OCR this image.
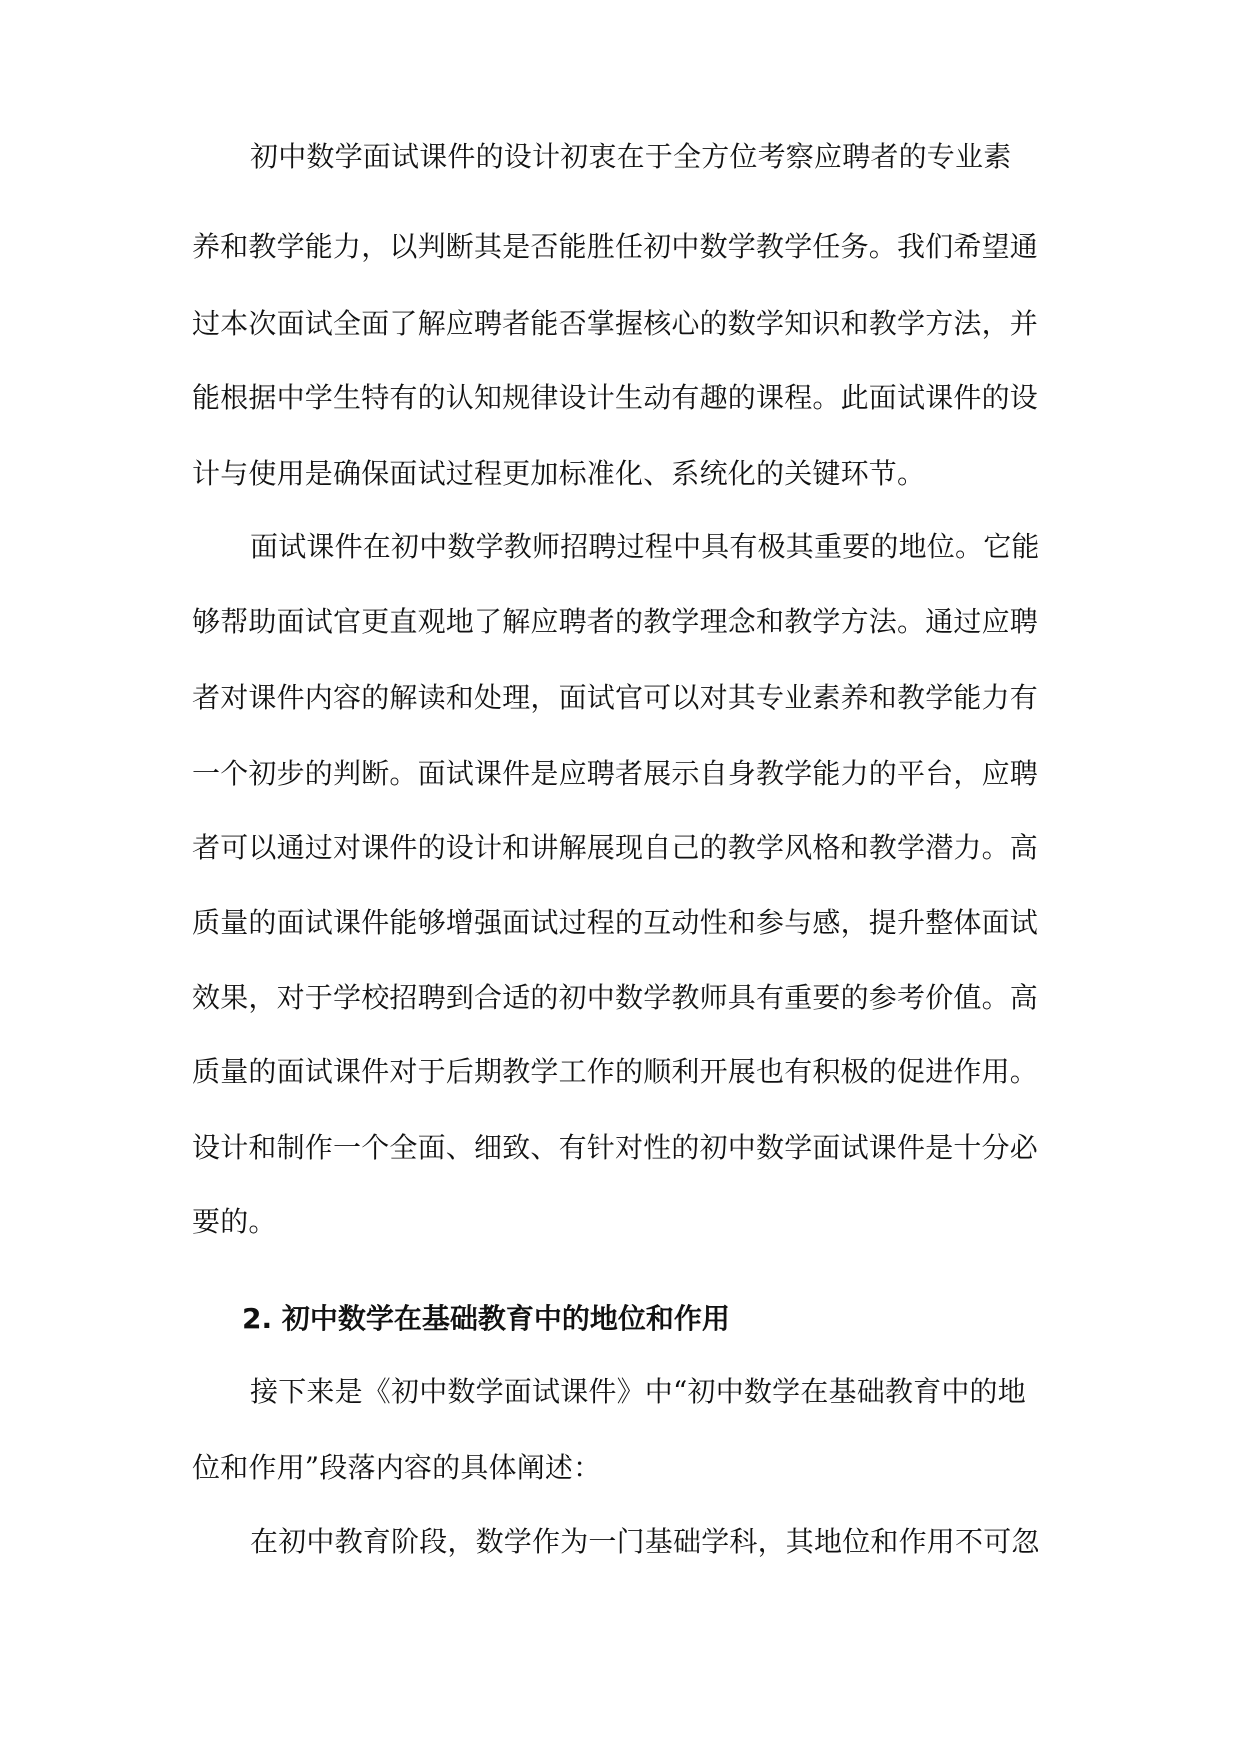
初中数学面试课件的设计初衷在于全方位考察应聘者的专业素
养和教学能力，以判断其是否能胜任初中数学教学任务。我们希望通
过本次面试全面了解应聘者能否掌握核心的数学知识和教学方法，并
能根据中学生特有的认知规律设计生动有趣的课程。此面试课件的设
计与使用是确保面试过程更加标准化、系统化的关键环节。
面试课件在初中数学教师招聘过程中具有极其重要的地位。它能
够帮助面试官更直观地了解应聘者的教学理念和教学方法。通过应聘
者对课件内容的解读和处理，面试官可以对其专业素养和教学能力有
一个初步的判断。面试课件是应聘者展示自身教学能力的平台，应聘
者可以通过对课件的设计和讲解展现自己的教学风格和教学潜力。高
质量的面试课件能够增强面试过程的互动性和参与感，提升整体面试
效果，对于学校招聘到合适的初中数学教师具有重要的参考价值。高
质量的面试课件对于后期教学工作的顺利开展也有积极的促进作用。
设计和制作一个全面、细致、有针对性的初中数学面试课件是十分必
要的。
2. 初中数学在基础教育中的地位和作用
接下来是《初中数学面试课件》中“初中数学在基础教育中的地
位和作用”段落内容的具体阐述：
在初中教育阶段，数学作为一门基础学科，其地位和作用不可忽
